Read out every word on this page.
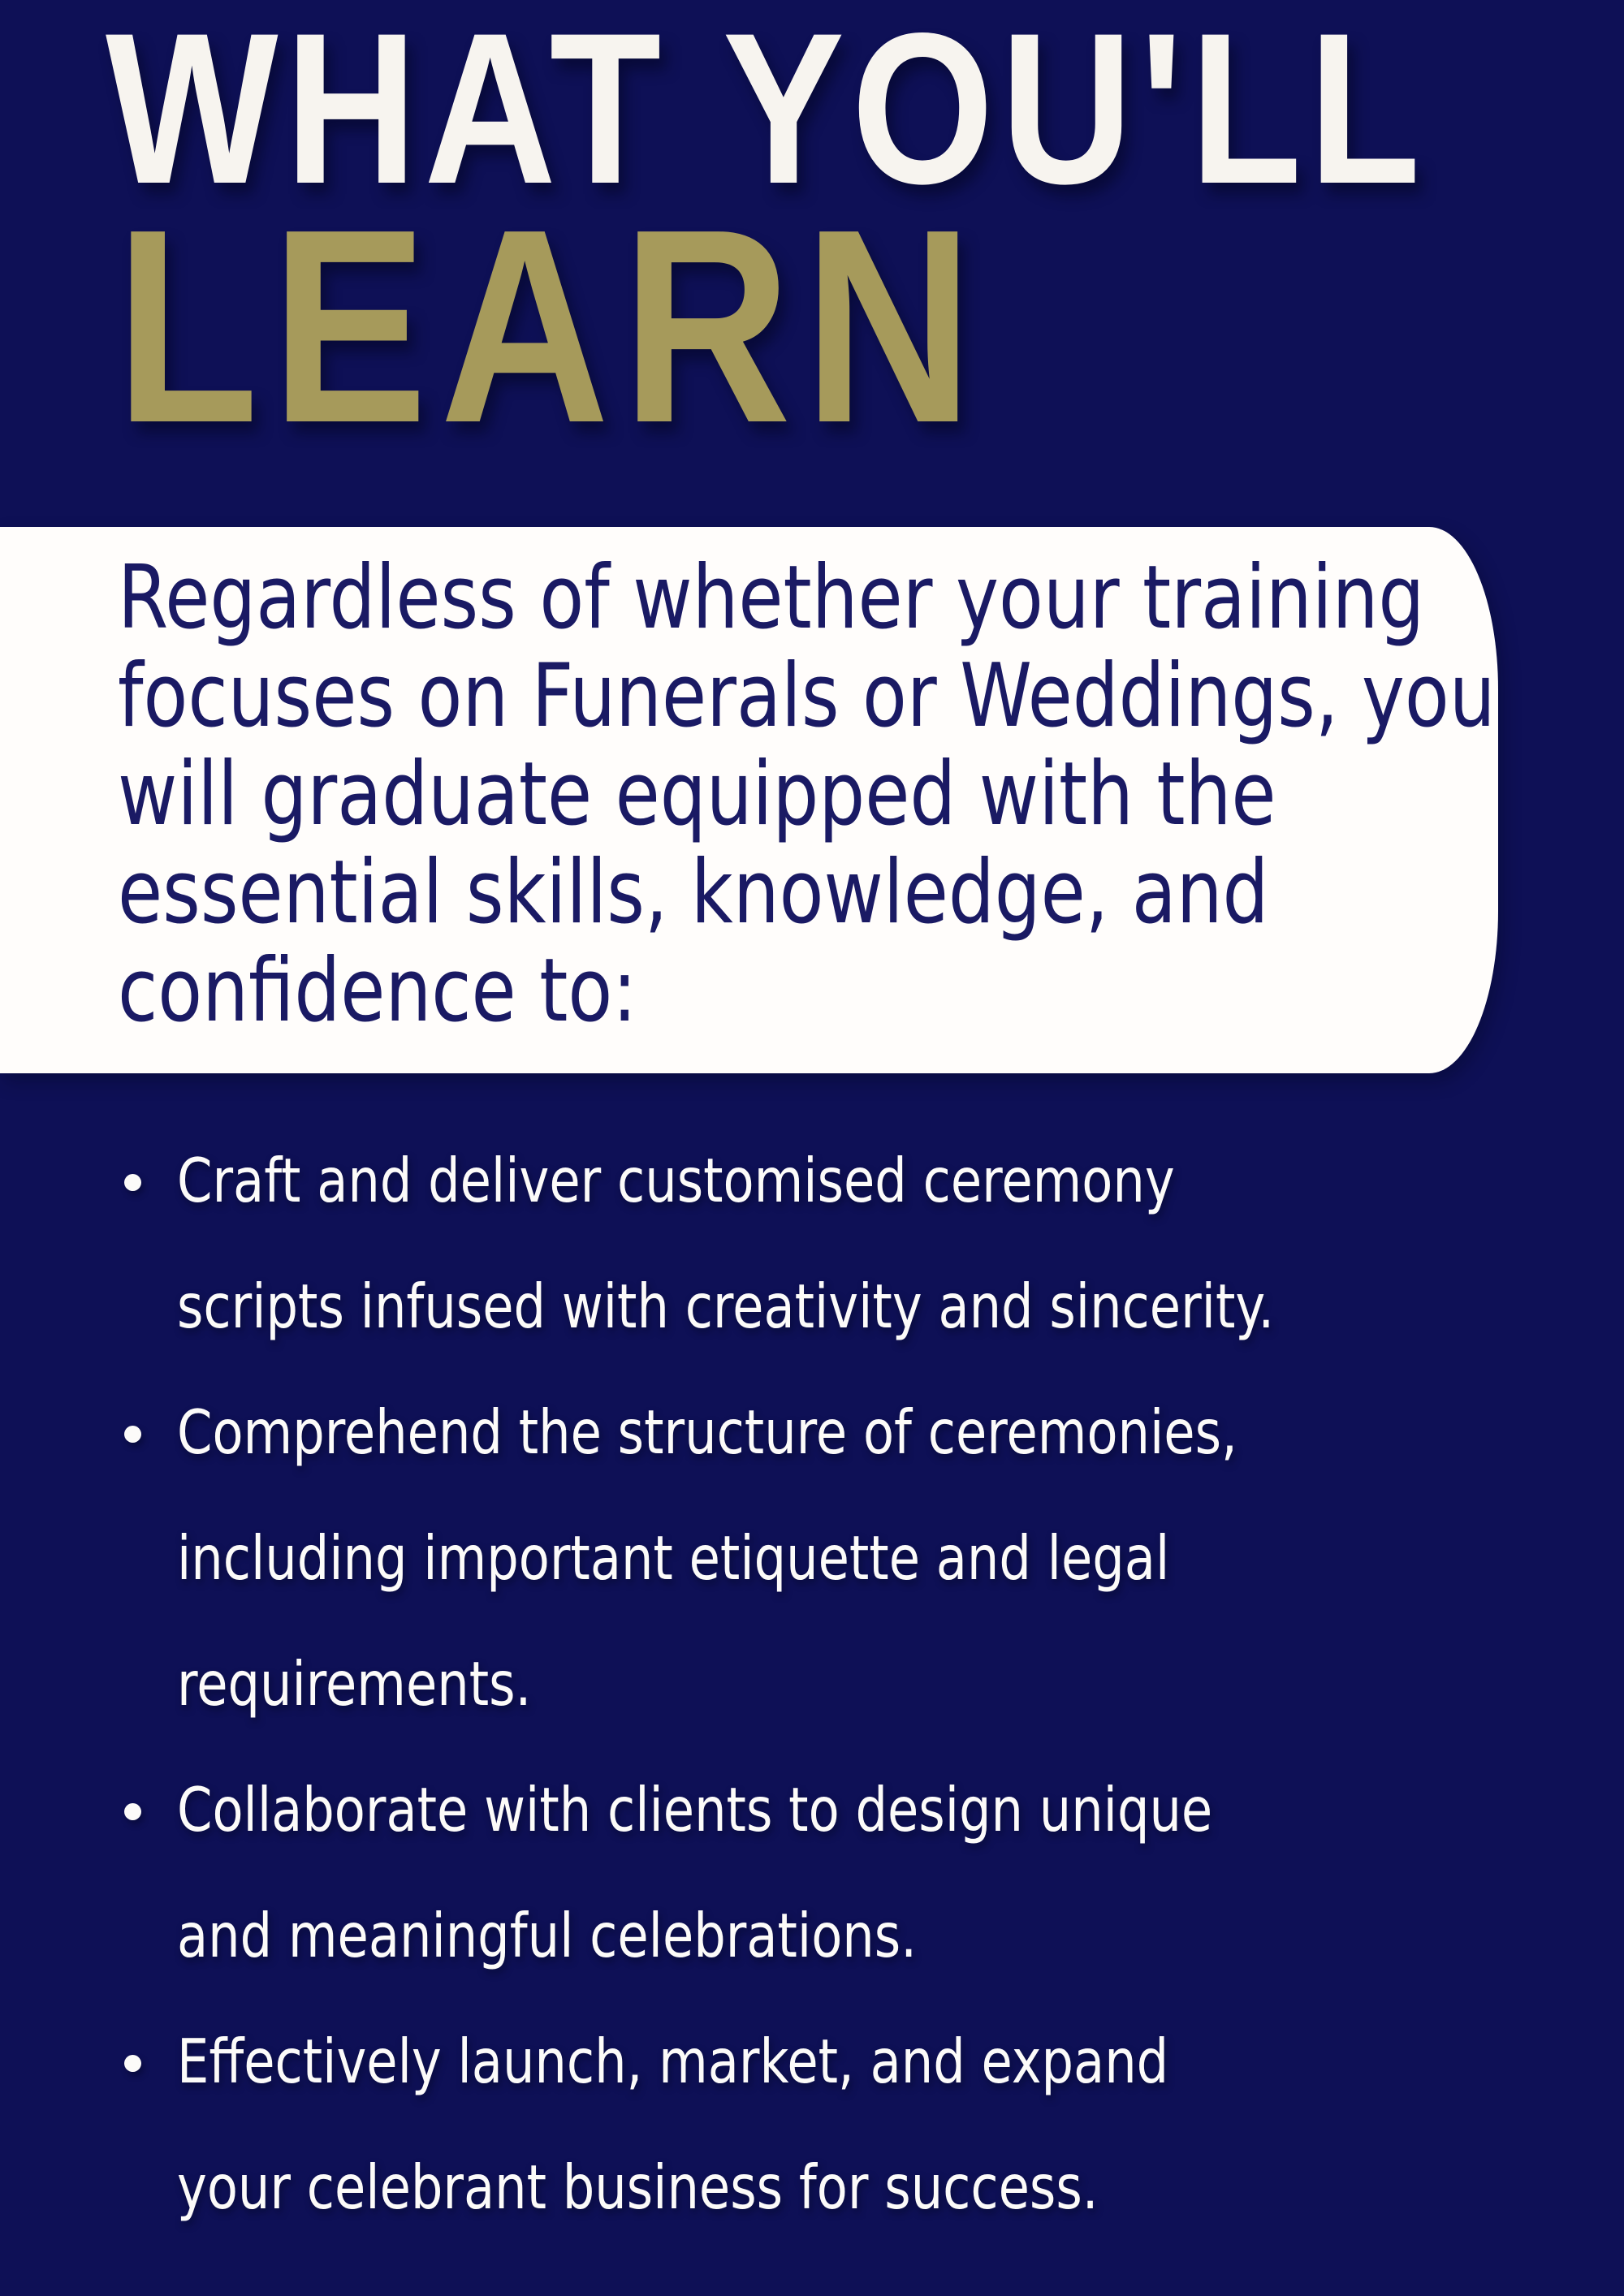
WHAT YOU'LL
LEARN

Regardless of whether your training

focuses on Funerals or Weddings, you

will graduate equipped with the

essential skills, knowledge, and

confidence to:

Craft and deliver customised ceremony
scripts infused with creativity and sincerity.
Comprehend the structure of ceremonies,
including important etiquette and legal
requirements.
Collaborate with clients to design unique
and meaningful celebrations.
Effectively launch, market, and expand
your celebrant business for success.
